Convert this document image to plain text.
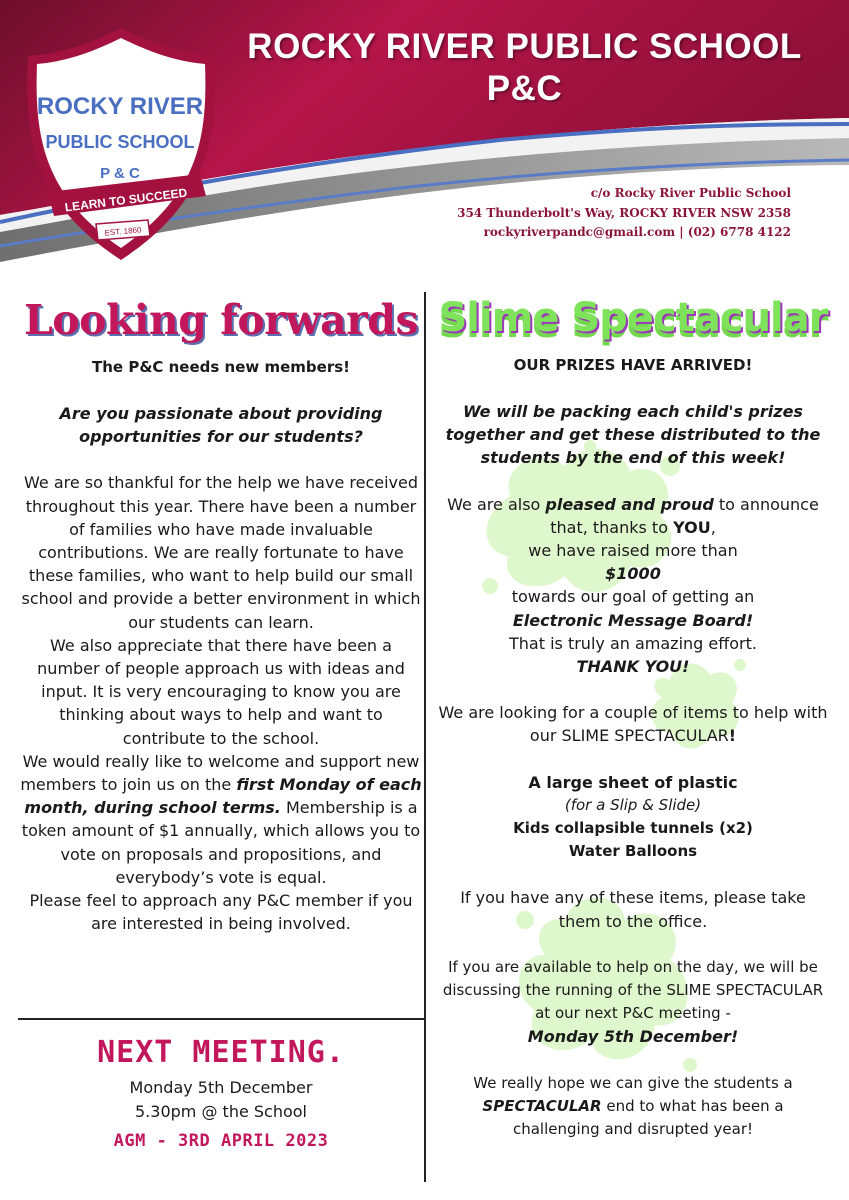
ROCKY RIVER PUBLIC SCHOOL
P&C
ROCKY RIVER
PUBLIC SCHOOL
P & C
LEARN TO SUCCEED
EST. 1860
c/o Rocky River Public School
354 Thunderbolt's Way, ROCKY RIVER NSW 2358
rockyriverpandc@gmail.com | (02) 6778 4122
Looking forwards

The P&C needs new members!

Are you passionate about providing opportunities for our students?

We are so thankful for the help we have received throughout this year. There have been a number of families who have made invaluable contributions. We are really fortunate to have these families, who want to help build our small school and provide a better environment in which our students can learn.

We also appreciate that there have been a number of people approach us with ideas and input. It is very encouraging to know you are thinking about ways to help and want to contribute to the school.

We would really like to welcome and support new members to join us on the first Monday of each month, during school terms. Membership is a token amount of $1 annually, which allows you to vote on proposals and propositions, and everybody’s vote is equal.

Please feel to approach any P&C member if you are interested in being involved.

NEXT MEETING.

Monday 5th December

5.30pm @ the School

AGM - 3RD APRIL 2023

Slime Spectacular

OUR PRIZES HAVE ARRIVED!

We will be packing each child's prizes together and get these distributed to the students by the end of this week!

We are also pleased and proud to announce that, thanks to YOU,

we have raised more than

$1000

towards our goal of getting an

Electronic Message Board!

That is truly an amazing effort.

THANK YOU!

We are looking for a couple of items to help with our SLIME SPECTACULAR!

A large sheet of plastic

(for a Slip & Slide)

Kids collapsible tunnels (x2)

Water Balloons

If you have any of these items, please take them to the office.

If you are available to help on the day, we will be discussing the running of the SLIME SPECTACULAR at our next P&C meeting -

Monday 5th December!

We really hope we can give the students a SPECTACULAR end to what has been a challenging and disrupted year!
